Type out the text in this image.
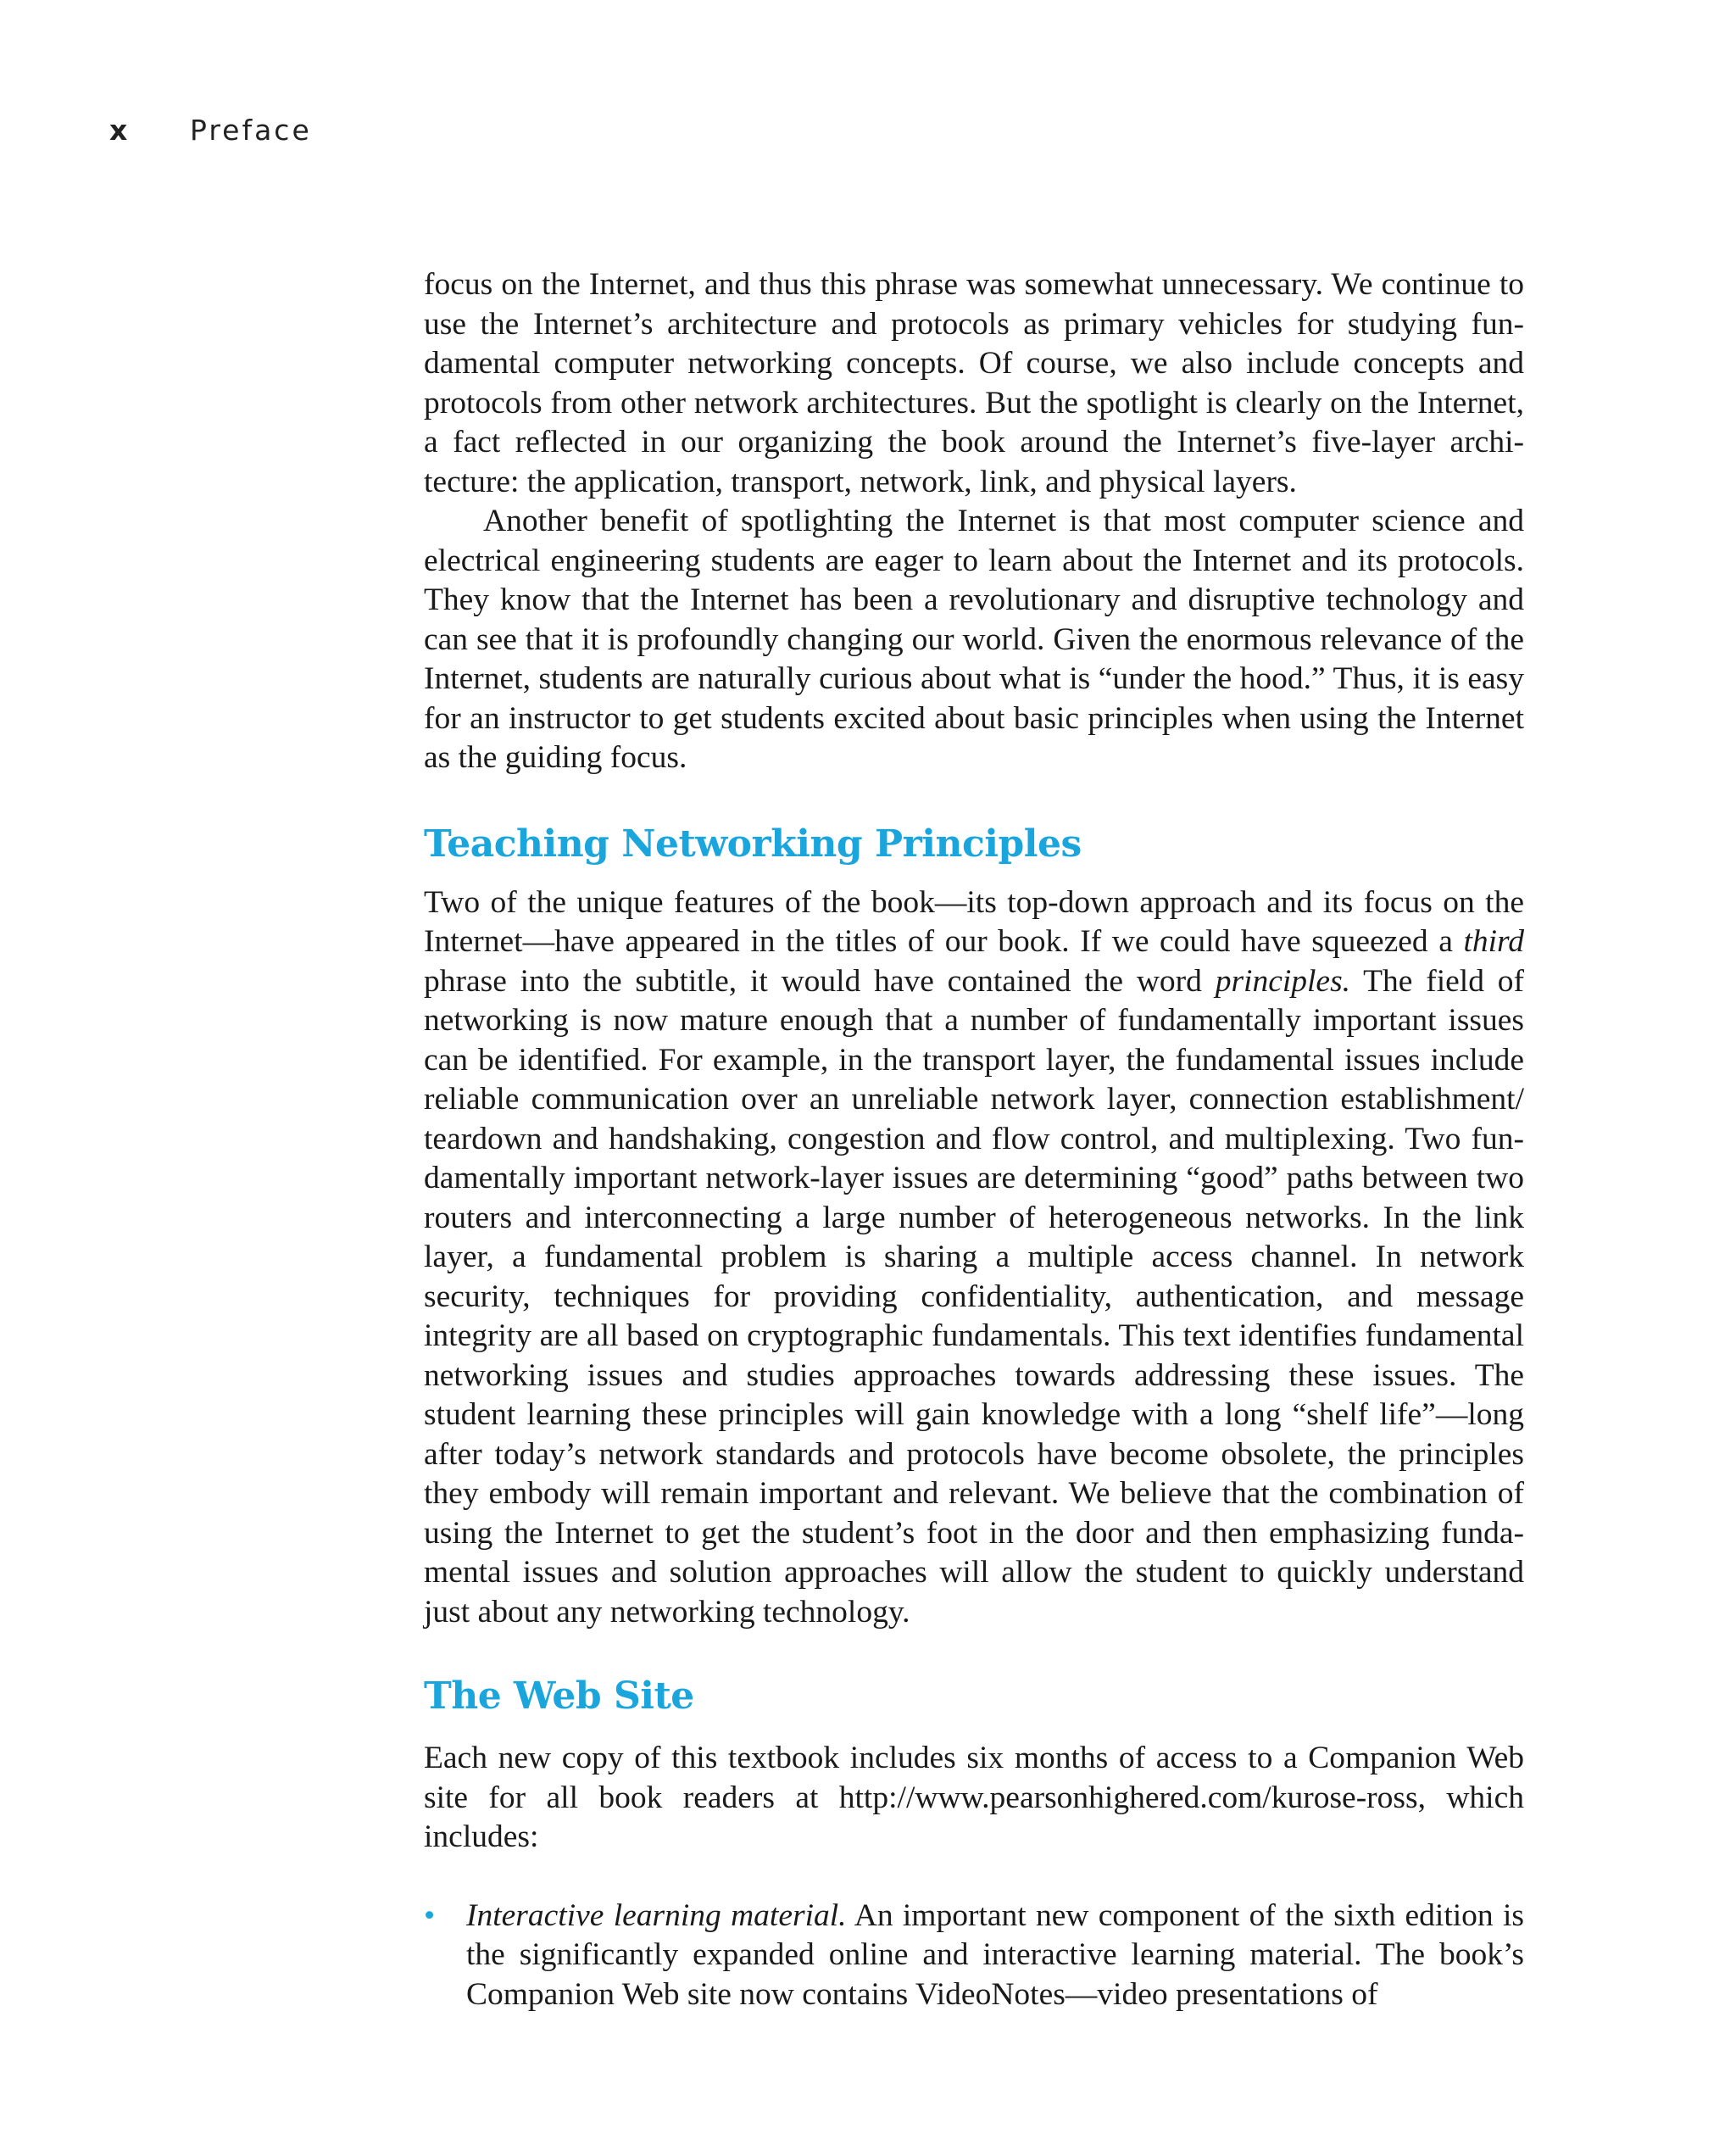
x Preface

focus on the Internet, and thus this phrase was somewhat unnecessary. We continue to use the Internet’s architecture and protocols as primary vehicles for studying fundamental computer networking concepts. Of course, we also include concepts and protocols from other network architectures. But the spotlight is clearly on the Internet, a fact reflected in our organizing the book around the Internet’s five-layer architecture: the application, transport, network, link, and physical layers.

Another benefit of spotlighting the Internet is that most computer science and electrical engineering students are eager to learn about the Internet and its protocols. They know that the Internet has been a revolutionary and disruptive technology and can see that it is profoundly changing our world. Given the enormous relevance of the Internet, students are naturally curious about what is “under the hood.” Thus, it is easy for an instructor to get students excited about basic principles when using the Internet as the guiding focus.

Teaching Networking Principles

Two of the unique features of the book—its top-down approach and its focus on the Internet—have appeared in the titles of our book. If we could have squeezed a third phrase into the subtitle, it would have contained the word principles. The field of networking is now mature enough that a number of fundamentally important issues can be identified. For example, in the transport layer, the fundamental issues include reliable communication over an unreliable network layer, connection establishment/​teardown and handshaking, congestion and flow control, and multiplexing. Two fundamentally important network-layer issues are determining “good” paths between two routers and interconnecting a large number of heterogeneous networks. In the link layer, a fundamental problem is sharing a multiple access channel. In network security, techniques for providing confidentiality, authentication, and message integrity are all based on cryptographic fundamentals. This text identifies fundamental networking issues and studies approaches towards addressing these issues. The student learning these principles will gain knowledge with a long “shelf life”—long after today’s network standards and protocols have become obsolete, the principles they embody will remain important and relevant. We believe that the combination of using the Internet to get the student’s foot in the door and then emphasizing fundamental issues and solution approaches will allow the student to quickly understand just about any networking technology.

The Web Site

Each new copy of this textbook includes six months of access to a Companion Web site for all book readers at http://www.pearsonhighered.com/kurose-ross, which includes:

• Interactive learning material. An important new component of the sixth edition is the significantly expanded online and interactive learning material. The book’s Companion Web site now contains VideoNotes—video presentations of
